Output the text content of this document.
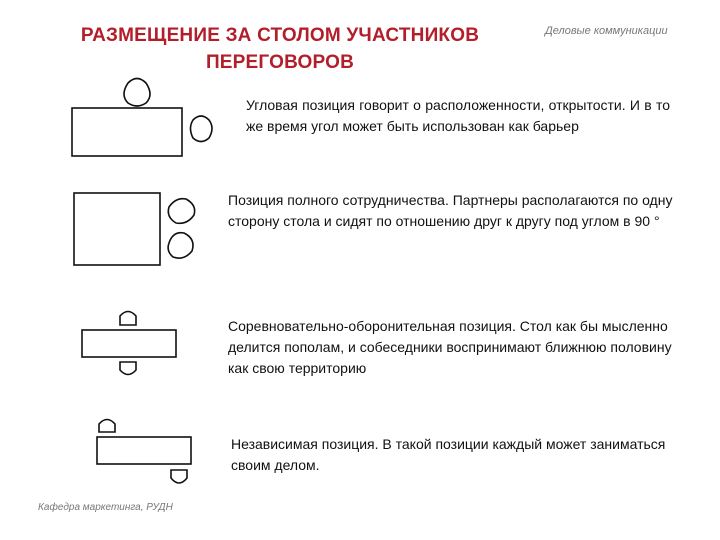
РАЗМЕЩЕНИЕ ЗА СТОЛОМ УЧАСТНИКОВ
ПЕРЕГОВОРОВ
Деловые коммуникации
Угловая позиция говорит о расположенности, открытости. И в то же время угол может быть использован как барьер
Позиция полного сотрудничества. Партнеры располагаются по одну сторону стола и сидят по отношению друг к другу под углом в 90 °
Соревновательно-оборонительная позиция. Стол как бы мысленно делится пополам, и собеседники воспринимают ближнюю половину как свою территорию
Независимая позиция. В такой позиции каждый может заниматься своим делом.
Кафедра маркетинга, РУДН
